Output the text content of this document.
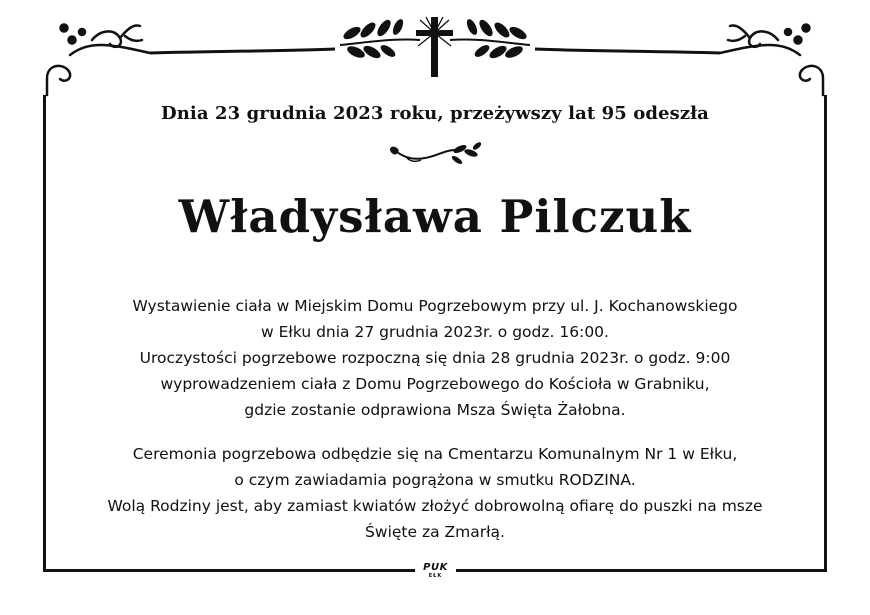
Dnia 23 grudnia 2023 roku, przeżywszy lat 95 odeszła
Władysława Pilczuk
Wystawienie ciała w Miejskim Domu Pogrzebowym przy ul. J. Kochanowskiego
w Ełku dnia 27 grudnia 2023r. o godz. 16:00.
Uroczystości pogrzebowe rozpoczną się dnia 28 grudnia 2023r. o godz. 9:00
wyprowadzeniem ciała z Domu Pogrzebowego do Kościoła w Grabniku,
gdzie zostanie odprawiona Msza Święta Żałobna.
Ceremonia pogrzebowa odbędzie się na Cmentarzu Komunalnym Nr 1 w Ełku,
o czym zawiadamia pogrążona w smutku RODZINA.
Wolą Rodziny jest, aby zamiast kwiatów złożyć dobrowolną ofiarę do puszki na msze
Święte za Zmarłą.
PUK
EŁK
